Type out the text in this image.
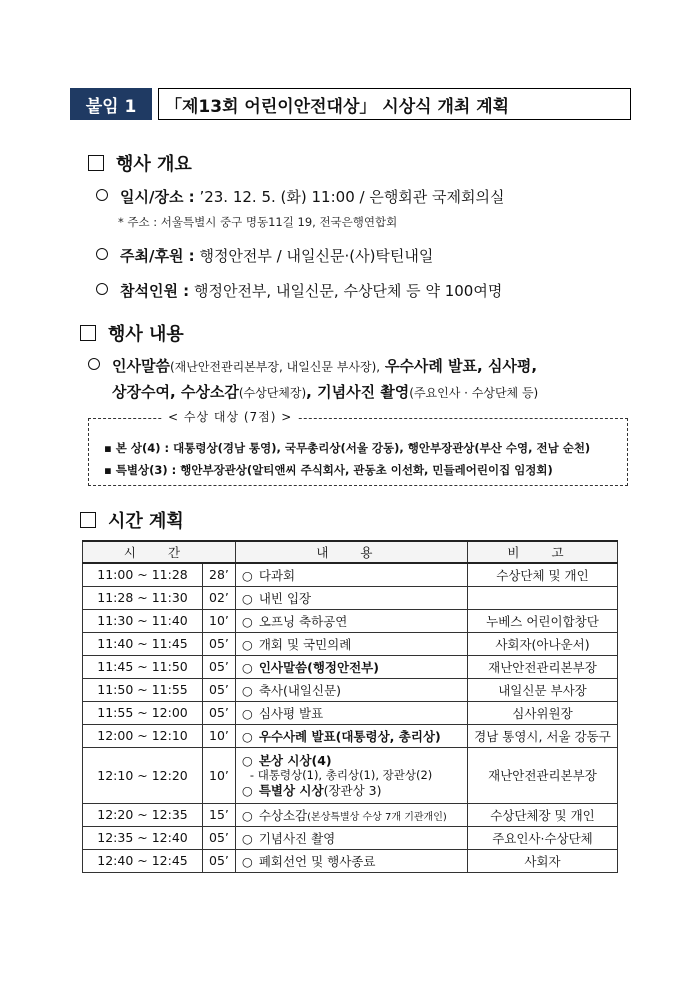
붙임 1	「제13회 어린이안전대상」 시상식 개최 계획
행사 개요
일시/장소 : ’23. 12. 5. (화) 11:00 / 은행회관 국제회의실
* 주소 : 서울특별시 중구 명동11길 19, 전국은행연합회
주최/후원 : 행정안전부 / 내일신문·(사)탁틴내일
참석인원 : 행정안전부, 내일신문, 수상단체 등 약 100여명
행사 내용
인사말씀(재난안전관리본부장, 내일신문 부사장), 우수사례 발표, 심사평,
상장수여, 수상소감(수상단체장), 기념사진 촬영(주요인사 · 수상단체 등)
< 수상 대상 (7점) >
▪ 본 상(4) : 대통령상(경남 통영), 국무총리상(서울 강동), 행안부장관상(부산 수영, 전남 순천)
▪ 특별상(3) : 행안부장관상(알티앤씨 주식회사, 관동초 이선화, 민들레어린이집 임정회)
시간 계획
시 간		내 용	비 고
11:00 ~ 11:28	28’	○ 다과회	수상단체 및 개인
11:28 ~ 11:30	02’	○ 내빈 입장	
11:30 ~ 11:40	10’	○ 오프닝 축하공연	누베스 어린이합창단
11:40 ~ 11:45	05’	○ 개회 및 국민의례	사회자(아나운서)
11:45 ~ 11:50	05’	○ 인사말씀(행정안전부)	재난안전관리본부장
11:50 ~ 11:55	05’	○ 축사(내일신문)	내일신문 부사장
11:55 ~ 12:00	05’	○ 심사평 발표	심사위원장
12:00 ~ 12:10	10’	○ 우수사례 발표(대통령상, 총리상)	경남 통영시, 서울 강동구
12:10 ~ 12:20	10’	○ 본상 시상(4)
- 대통령상(1), 총리상(1), 장관상(2)
○ 특별상 시상(장관상 3)	재난안전관리본부장
12:20 ~ 12:35	15’	○ 수상소감(본상특별상 수상 7개 기관개인)	수상단체장 및 개인
12:35 ~ 12:40	05’	○ 기념사진 촬영	주요인사·수상단체
12:40 ~ 12:45	05’	○ 폐회선언 및 행사종료	사회자
